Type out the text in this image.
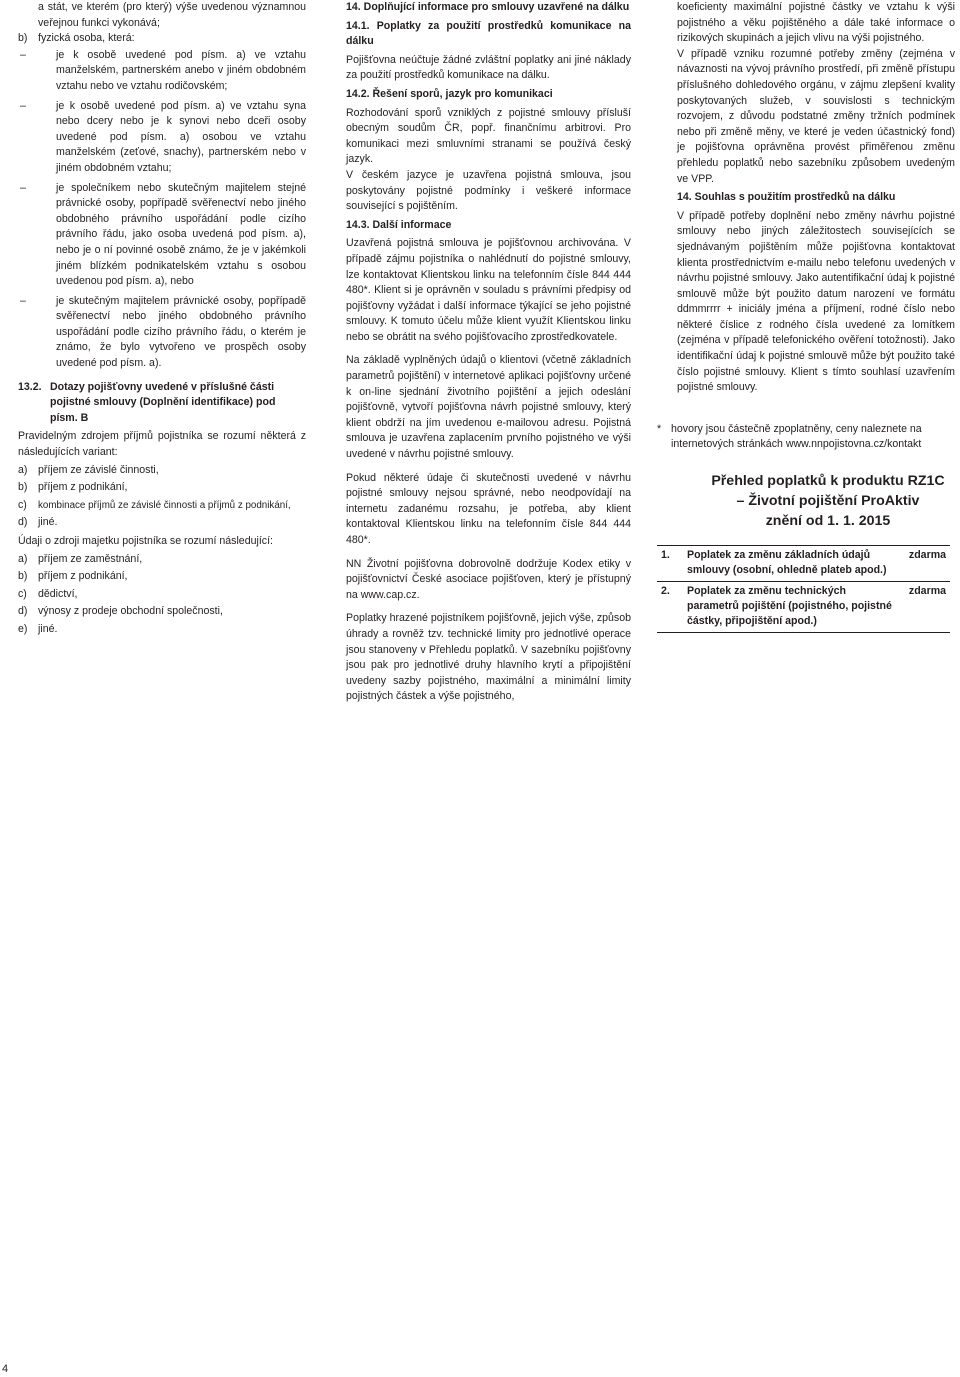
a stát, ve kterém (pro který) výše uvedenou významnou veřejnou funkci vykonává;

b) fyzická osoba, která:
–	je k osobě uvedené pod písm. a) ve vztahu manželském, partnerském anebo v jiném obdobném vztahu nebo ve vztahu rodičovském;
–	je k osobě uvedené pod písm. a) ve vztahu syna nebo dcery nebo je k synovi nebo dceři osoby uvedené pod písm. a) osobou ve vztahu manželském (zeťové, snachy), partnerském nebo v jiném obdobném vztahu;
–	je společníkem nebo skutečným majitelem stejné právnické osoby, popřípadě svěřenectví nebo jiného obdobného právního uspořádání podle cizího právního řádu, jako osoba uvedená pod písm. a), nebo je o ní povinné osobě známo, že je v jakémkoli jiném blízkém podnikatelském vztahu s osobou uvedenou pod písm. a), nebo
–	je skutečným majitelem právnické osoby, popřípadě svěřenectví nebo jiného obdobného právního uspořádání podle cizího právního řádu, o kterém je známo, že bylo vytvořeno ve prospěch osoby uvedené pod písm. a).
13.2. Dotazy pojišťovny uvedené v příslušné části pojistné smlouvy (Doplnění identifikace) pod písm. B

Pravidelným zdrojem příjmů pojistníka se rozumí některá z následujících variant:

a) příjem ze závislé činnosti,
b) příjem z podnikání,
c)	kombinace příjmů ze závislé činnosti a příjmů z podnikání,
d) jiné.

Údaji o zdroji majetku pojistníka se rozumí následující:

a) příjem ze zaměstnání,
b) příjem z podnikání,
c)	dědictví,
d) výnosy z prodeje obchodní společnosti,
e) jiné.

14. Doplňující informace pro smlouvy uzavřené na dálku

14.1. Poplatky za použití prostředků komunikace na dálku

Pojišťovna neúčtuje žádné zvláštní poplatky ani jiné náklady za použití prostředků komunikace na dálku.

14.2. Řešení sporů, jazyk pro komunikaci

Rozhodování sporů vzniklých z pojistné smlouvy přísluší obecným soudům ČR, popř. finančnímu arbitrovi. Pro komunikaci mezi smluvními stranami se používá český jazyk.

V českém jazyce je uzavřena pojistná smlouva, jsou poskytovány pojistné podmínky i veškeré informace související s pojištěním.

14.3. Další informace

Uzavřená pojistná smlouva je pojišťovnou archivována. V případě zájmu pojistníka o nahlédnutí do pojistné smlouvy, lze kontaktovat Klientskou linku na telefonním čísle 844 444 480*. Klient si je oprávněn v souladu s právními předpisy od pojišťovny vyžádat i další informace týkající se jeho pojistné smlouvy. K tomuto účelu může klient využít Klientskou linku nebo se obrátit na svého pojišťovacího zprostředkovatele.

Na základě vyplněných údajů o klientovi (včetně základních parametrů pojištění) v internetové aplikaci pojišťovny určené k on-line sjednání životního pojištění a jejich odeslání pojišťovně, vytvoří pojišťovna návrh pojistné smlouvy, který klient obdrží na jím uvedenou e-mailovou adresu. Pojistná smlouva je uzavřena zaplacením prvního pojistného ve výši uvedené v návrhu pojistné smlouvy.

Pokud některé údaje či skutečnosti uvedené v návrhu pojistné smlouvy nejsou správné, nebo neodpovídají na internetu zadanému rozsahu, je potřeba, aby klient kontaktoval Klientskou linku na telefonním čísle 844 444 480*.

NN Životní pojišťovna dobrovolně dodržuje Kodex etiky v pojišťovnictví České asociace pojišťoven, který je přístupný na www.cap.cz.

Poplatky hrazené pojistníkem pojišťovně, jejich výše, způsob úhrady a rovněž tzv. technické limity pro jednotlivé operace jsou stanoveny v Přehledu poplatků. V sazebníku pojišťovny jsou pak pro jednotlivé druhy hlavního krytí a připojištění uvedeny sazby pojistného, maximální a minimální limity pojistných částek a výše pojistného,

koeficienty maximální pojistné částky ve vztahu k výši pojistného a věku pojištěného a dále také informace o rizikových skupinách a jejich vlivu na výši pojistného.

V případě vzniku rozumné potřeby změny (zejména v návaznosti na vývoj právního prostředí, při změně přístupu příslušného dohledového orgánu, v zájmu zlepšení kvality poskytovaných služeb, v souvislosti s technickým rozvojem, z důvodu podstatné změny tržních podmínek nebo při změně měny, ve které je veden účastnický fond) je pojišťovna oprávněna provést přiměřenou změnu přehledu poplatků nebo sazebníku způsobem uvedeným ve VPP.

14. Souhlas s použitím prostředků na dálku

V případě potřeby doplnění nebo změny návrhu pojistné smlouvy nebo jiných záležitostech souvisejících se sjednávaným pojištěním může pojišťovna kontaktovat klienta prostřednictvím e-mailu nebo telefonu uvedených v návrhu pojistné smlouvy. Jako autentifikační údaj k pojistné smlouvě může být použito datum narození ve formátu ddmmrrrr + iniciály jména a příjmení, rodné číslo nebo některé číslice z rodného čísla uvedené za lomítkem (zejména v případě telefonického ověření totožnosti). Jako identifikační údaj k pojistné smlouvě může být použito také číslo pojistné smlouvy. Klient s tímto souhlasí uzavřením pojistné smlouvy.

* hovory jsou částečně zpoplatněny, ceny naleznete na internetových stránkách www.nnpojistovna.cz/kontakt
Přehled poplatků k produktu RZ1C
– Životní pojištění ProAktiv
znění od 1. 1. 2015
1.	Poplatek za změnu základních údajů smlouvy (osobní, ohledně plateb apod.)	zdarma
2.	Poplatek za změnu technických parametrů pojištění (pojistného, pojistné částky, připojištění apod.)	zdarma
4
